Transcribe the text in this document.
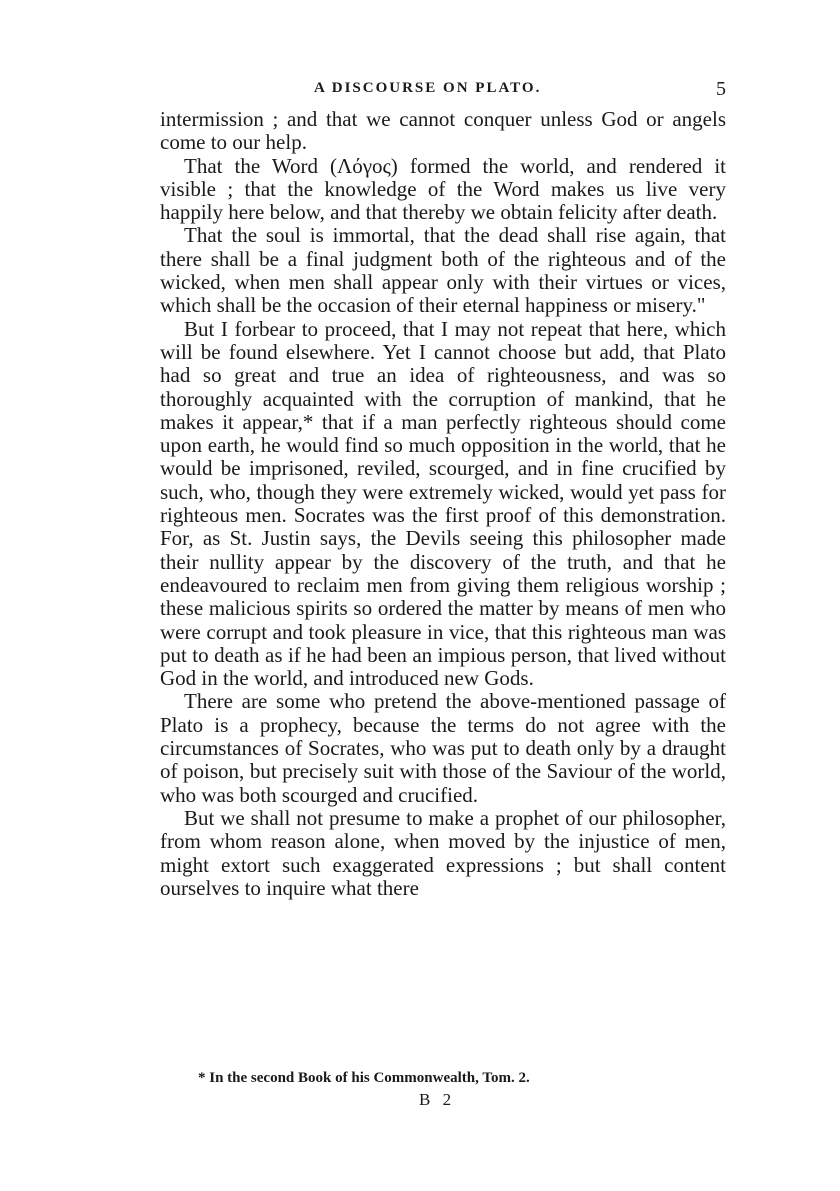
A DISCOURSE ON PLATO.	5

intermission ; and that we cannot conquer unless God or angels come to our help.

That the Word (Λόγος) formed the world, and rendered it visible ; that the knowledge of the Word makes us live very happily here below, and that thereby we obtain felicity after death.

That the soul is immortal, that the dead shall rise again, that there shall be a final judgment both of the righteous and of the wicked, when men shall appear only with their virtues or vices, which shall be the occasion of their eternal happiness or misery."

But I forbear to proceed, that I may not repeat that here, which will be found elsewhere. Yet I cannot choose but add, that Plato had so great and true an idea of righteousness, and was so thoroughly acquainted with the corruption of mankind, that he makes it appear,* that if a man perfectly righteous should come upon earth, he would find so much opposition in the world, that he would be imprisoned, reviled, scourged, and in fine crucified by such, who, though they were extremely wicked, would yet pass for righteous men. Socrates was the first proof of this demonstration. For, as St. Justin says, the Devils seeing this philosopher made their nullity appear by the discovery of the truth, and that he endeavoured to reclaim men from giving them religious worship ; these malicious spirits so ordered the matter by means of men who were corrupt and took pleasure in vice, that this righteous man was put to death as if he had been an impious person, that lived without God in the world, and introduced new Gods.

There are some who pretend the above-mentioned passage of Plato is a prophecy, because the terms do not agree with the circumstances of Socrates, who was put to death only by a draught of poison, but precisely suit with those of the Saviour of the world, who was both scourged and crucified.

But we shall not presume to make a prophet of our philosopher, from whom reason alone, when moved by the injustice of men, might extort such exaggerated expressions ; but shall content ourselves to inquire what there

* In the second Book of his Commonwealth, Tom. 2.
B 2
